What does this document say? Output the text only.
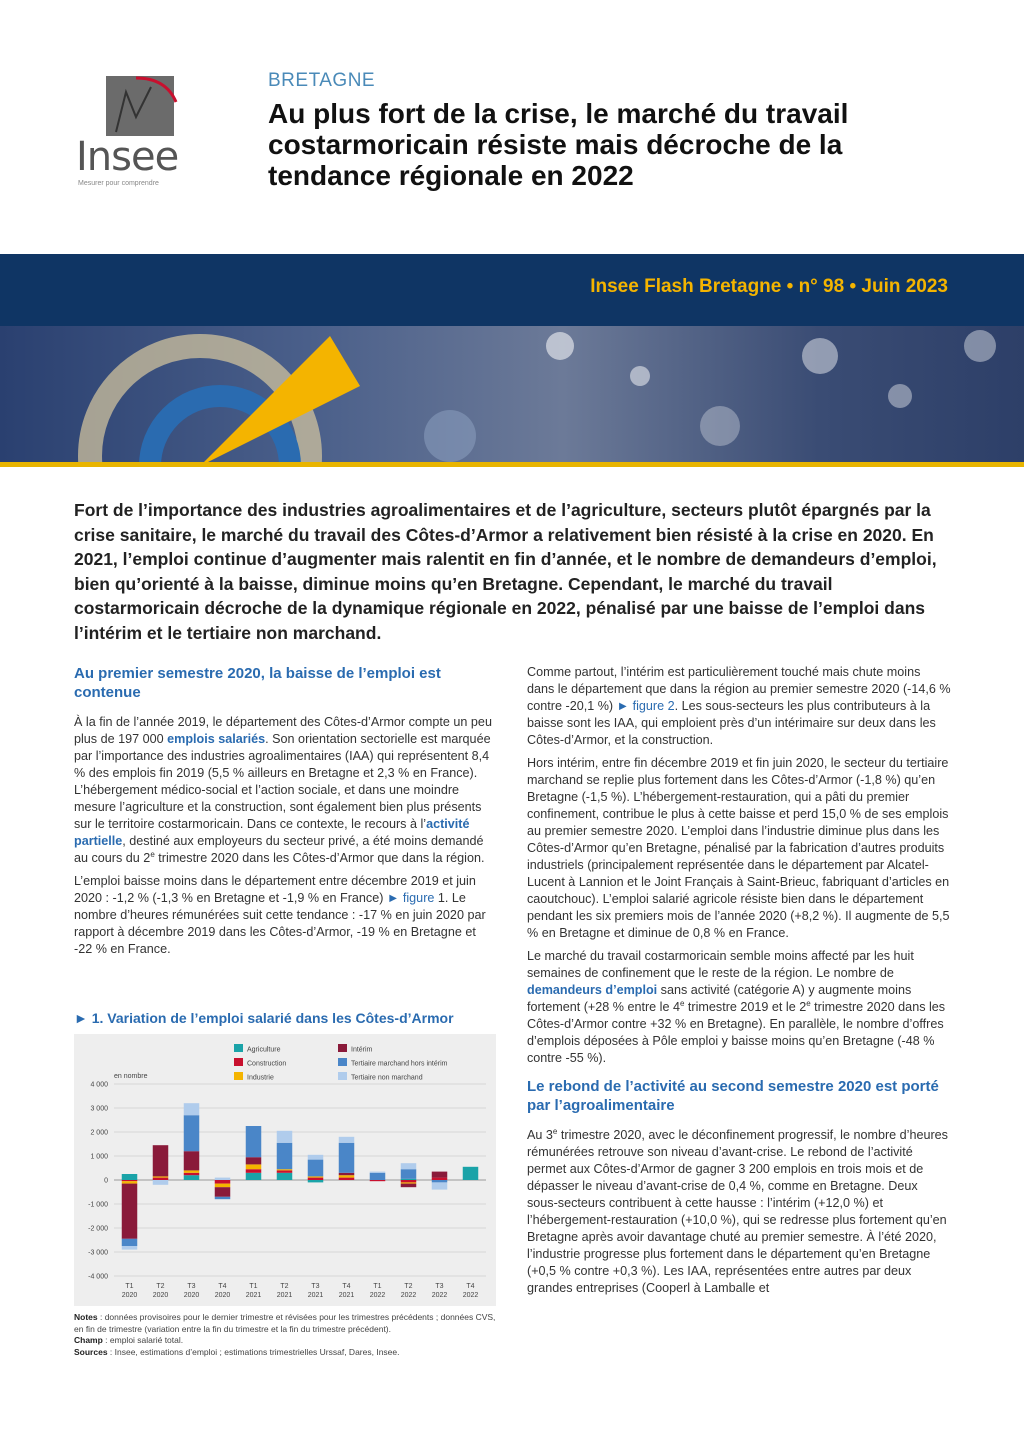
Insee
Mesurer pour comprendre
BRETAGNE
Au plus fort de la crise, le marché du travail costarmoricain résiste mais décroche de la tendance régionale en 2022
Insee Flash Bretagne • n° 98 • Juin 2023

Fort de l’importance des industries agroalimentaires et de l’agriculture, secteurs plutôt épargnés par la crise sanitaire, le marché du travail des Côtes-d’Armor a relativement bien résisté à la crise en 2020. En 2021, l’emploi continue d’augmenter mais ralentit en fin d’année, et le nombre de demandeurs d’emploi, bien qu’orienté à la baisse, diminue moins qu’en Bretagne. Cependant, le marché du travail costarmoricain décroche de la dynamique régionale en 2022, pénalisé par une baisse de l’emploi dans l’intérim et le tertiaire non marchand.

Au premier semestre 2020, la baisse de l’emploi est contenue

À la fin de l’année 2019, le département des Côtes-d’Armor compte un peu plus de 197 000 emplois salariés. Son orientation sectorielle est marquée par l’importance des industries agroalimentaires (IAA) qui représentent 8,4 % des emplois fin 2019 (5,5 % ailleurs en Bretagne et 2,3 % en France). L’hébergement médico-social et l’action sociale, et dans une moindre mesure l’agriculture et la construction, sont également bien plus présents sur le territoire costarmoricain. Dans ce contexte, le recours à l’activité partielle, destiné aux employeurs du secteur privé, a été moins demandé au cours du 2e trimestre 2020 dans les Côtes-d’Armor que dans la région.

L’emploi baisse moins dans le département entre décembre 2019 et juin 2020 : -1,2 % (-1,3 % en Bretagne et -1,9 % en France) ► figure 1. Le nombre d’heures rémunérées suit cette tendance : -17 % en juin 2020 par rapport à décembre 2019 dans les Côtes-d’Armor, -19 % en Bretagne et -22 % en France.

► 1. Variation de l’emploi salarié dans les Côtes-d’Armor
Agriculture
Construction
Industrie
Intérim
Tertiaire marchand hors intérim
Tertiaire non marchand
en nombre
-4 000
-3 000
-2 000
-1 000
0
1 000
2 000
3 000
4 000
T1
2020
T2
2020
T3
2020
T4
2020
T1
2021
T2
2021
T3
2021
T4
2021
T1
2022
T2
2022
T3
2022
T4
2022
Notes : données provisoires pour le dernier trimestre et révisées pour les trimestres précédents ; données CVS, en fin de trimestre (variation entre la fin du trimestre et la fin du trimestre précédent).
Champ : emploi salarié total.
Sources : Insee, estimations d’emploi ; estimations trimestrielles Urssaf, Dares, Insee.

Comme partout, l’intérim est particulièrement touché mais chute moins dans le département que dans la région au premier semestre 2020 (-14,6 % contre -20,1 %) ► figure 2. Les sous-secteurs les plus contributeurs à la baisse sont les IAA, qui emploient près d’un intérimaire sur deux dans les Côtes-d’Armor, et la construction.

Hors intérim, entre fin décembre 2019 et fin juin 2020, le secteur du tertiaire marchand se replie plus fortement dans les Côtes-d’Armor (-1,8 %) qu’en Bretagne (-1,5 %). L’hébergement-restauration, qui a pâti du premier confinement, contribue le plus à cette baisse et perd 15,0 % de ses emplois au premier semestre 2020. L’emploi dans l’industrie diminue plus dans les Côtes-d’Armor qu’en Bretagne, pénalisé par la fabrication d’autres produits industriels (principalement représentée dans le département par Alcatel-Lucent à Lannion et le Joint Français à Saint-Brieuc, fabriquant d’articles en caoutchouc). L’emploi salarié agricole résiste bien dans le département pendant les six premiers mois de l’année 2020 (+8,2 %). Il augmente de 5,5 % en Bretagne et diminue de 0,8 % en France.

Le marché du travail costarmoricain semble moins affecté par les huit semaines de confinement que le reste de la région. Le nombre de demandeurs d’emploi sans activité (catégorie A) y augmente moins fortement (+28 % entre le 4e trimestre 2019 et le 2e trimestre 2020 dans les Côtes-d’Armor contre +32 % en Bretagne). En parallèle, le nombre d’offres d’emplois déposées à Pôle emploi y baisse moins qu’en Bretagne (-48 % contre -55 %).

Le rebond de l’activité au second semestre 2020 est porté par l’agroalimentaire

Au 3e trimestre 2020, avec le déconfinement progressif, le nombre d’heures rémunérées retrouve son niveau d’avant-crise. Le rebond de l’activité permet aux Côtes-d’Armor de gagner 3 200 emplois en trois mois et de dépasser le niveau d’avant-crise de 0,4 %, comme en Bretagne. Deux sous-secteurs contribuent à cette hausse : l’intérim (+12,0 %) et l’hébergement-restauration (+10,0 %), qui se redresse plus fortement qu’en Bretagne après avoir davantage chuté au premier semestre. À l’été 2020, l’industrie progresse plus fortement dans le département qu’en Bretagne (+0,5 % contre +0,3 %). Les IAA, représentées entre autres par deux grandes entreprises (Cooperl à Lamballe et
